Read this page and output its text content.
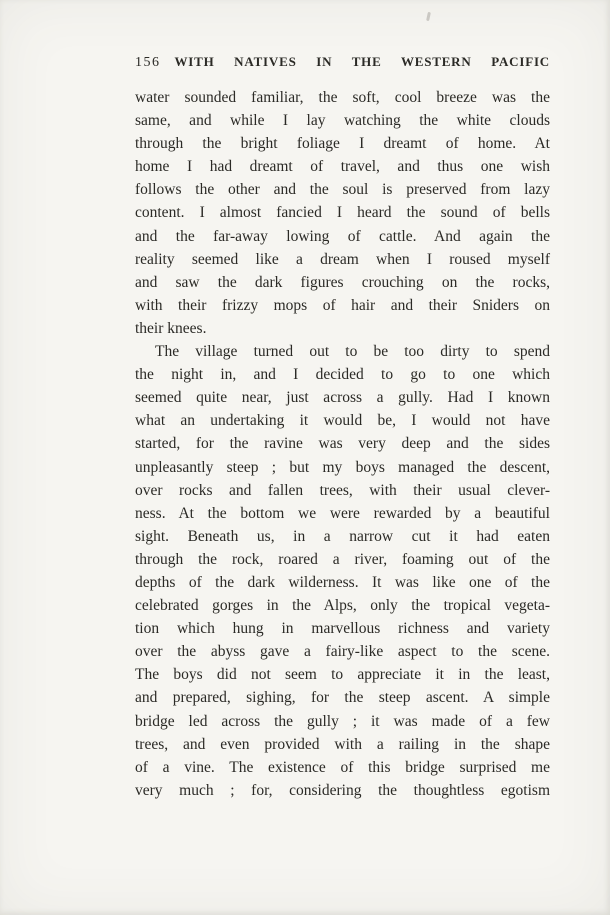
156 WITH NATIVES IN THE WESTERN PACIFIC
water sounded familiar, the soft, cool breeze was the
same, and while I lay watching the white clouds
through the bright foliage I dreamt of home. At
home I had dreamt of travel, and thus one wish
follows the other and the soul is preserved from lazy
content. I almost fancied I heard the sound of bells
and the far-away lowing of cattle. And again the
reality seemed like a dream when I roused myself
and saw the dark figures crouching on the rocks,
with their frizzy mops of hair and their Sniders on
their knees.
The village turned out to be too dirty to spend
the night in, and I decided to go to one which
seemed quite near, just across a gully. Had I known
what an undertaking it would be, I would not have
started, for the ravine was very deep and the sides
unpleasantly steep ; but my boys managed the descent,
over rocks and fallen trees, with their usual clever-
ness. At the bottom we were rewarded by a beautiful
sight. Beneath us, in a narrow cut it had eaten
through the rock, roared a river, foaming out of the
depths of the dark wilderness. It was like one of the
celebrated gorges in the Alps, only the tropical vegeta-
tion which hung in marvellous richness and variety
over the abyss gave a fairy-like aspect to the scene.
The boys did not seem to appreciate it in the least,
and prepared, sighing, for the steep ascent. A simple
bridge led across the gully ; it was made of a few
trees, and even provided with a railing in the shape
of a vine. The existence of this bridge surprised me
very much ; for, considering the thoughtless egotism
